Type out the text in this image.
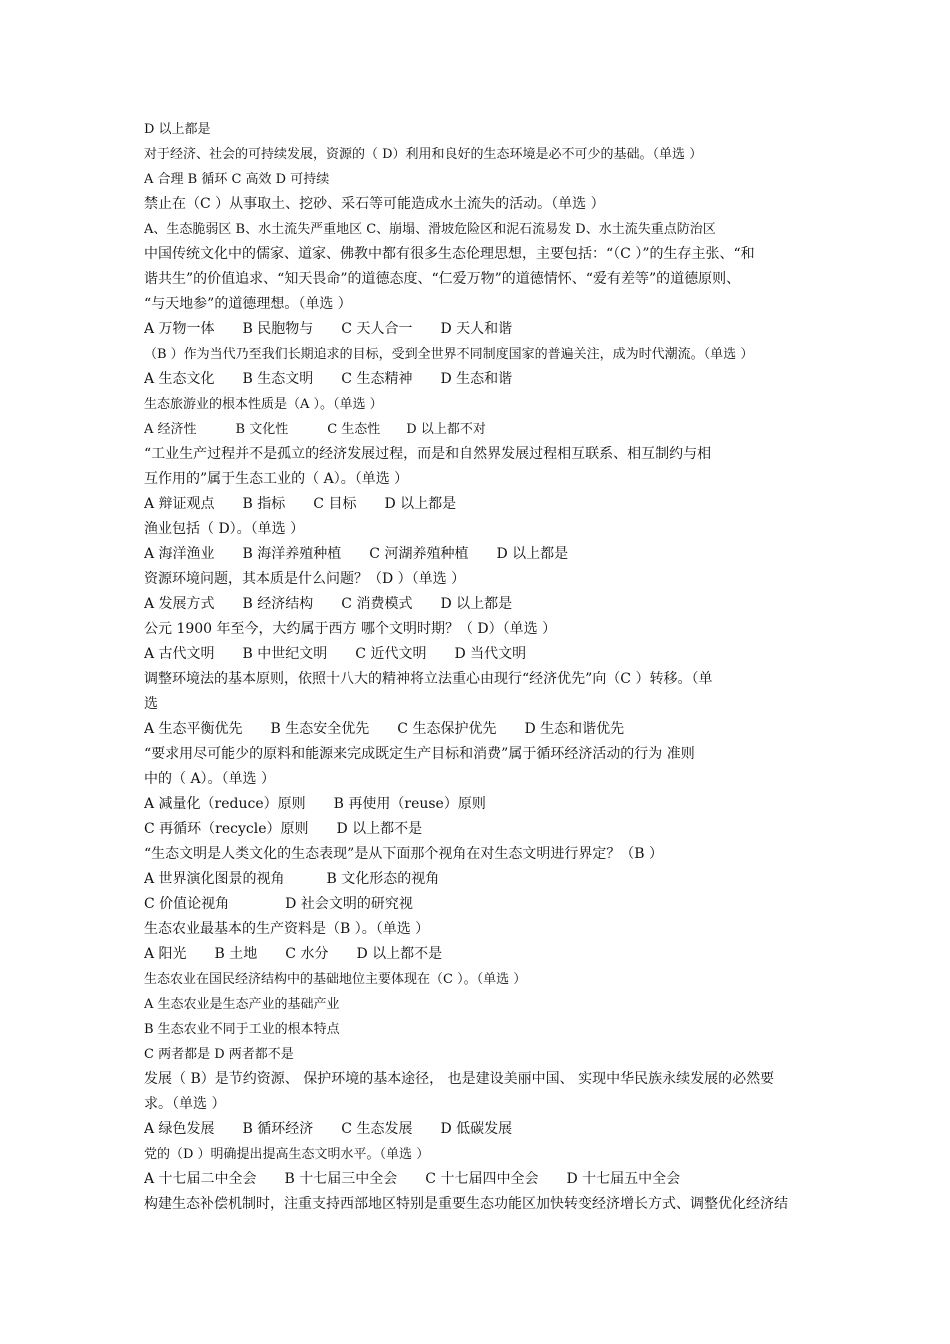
D 以上都是
对于经济、社会的可持续发展，资源的（ D）利用和良好的生态环境是必不可少的基础。（单选 ）
A 合理 B 循环 C 高效 D 可持续
禁止在（C ）从事取土、挖砂、采石等可能造成水土流失的活动。（单选 ）
A、生态脆弱区 B、水土流失严重地区 C、崩塌、滑坡危险区和泥石流易发 D、水土流失重点防治区
中国传统文化中的儒家、道家、佛教中都有很多生态伦理思想，主要包括：“（C ）”的生存主张、“和
谐共生”的价值追求、“知天畏命”的道德态度、“仁爱万物”的道德情怀、“爱有差等”的道德原则、
“与天地参”的道德理想。（单选 ）
A 万物一体　　B 民胞物与　　C 天人合一　　D 天人和谐
（B ）作为当代乃至我们长期追求的目标，受到全世界不同制度国家的普遍关注，成为时代潮流。（单选 ）
A 生态文化　　B 生态文明　　C 生态精神　　D 生态和谐
生态旅游业的根本性质是（A ）。（单选 ）
A 经济性　　　B 文化性　　　C 生态性　　D 以上都不对
“工业生产过程并不是孤立的经济发展过程，而是和自然界发展过程相互联系、相互制约与相
互作用的”属于生态工业的（ A）。（单选 ）
A 辩证观点　　B 指标　　C 目标　　D 以上都是
渔业包括（ D）。（单选 ）
A 海洋渔业　　B 海洋养殖种植　　C 河湖养殖种植　　D 以上都是
资源环境问题，其本质是什么问题？（D ）（单选 ）
A 发展方式　　B 经济结构　　C 消费模式　　D 以上都是
公元 1900 年至今，大约属于西方 哪个文明时期？（ D）（单选 ）
A 古代文明　　B 中世纪文明　　C 近代文明　　D 当代文明
调整环境法的基本原则，依照十八大的精神将立法重心由现行“经济优先”向（C ）转移。（单
选
A 生态平衡优先　　B 生态安全优先　　C 生态保护优先　　D 生态和谐优先
“要求用尽可能少的原料和能源来完成既定生产目标和消费”属于循环经济活动的行为 准则
中的（ A）。（单选 ）
A 减量化（reduce）原则　　B 再使用（reuse）原则
C 再循环（recycle）原则　　D 以上都不是
“生态文明是人类文化的生态表现”是从下面那个视角在对生态文明进行界定？（B ）
A 世界演化图景的视角　　　B 文化形态的视角
C 价值论视角　　　　D 社会文明的研究视
生态农业最基本的生产资料是（B ）。（单选 ）
A 阳光　　B 土地　　C 水分　　D 以上都不是
生态农业在国民经济结构中的基础地位主要体现在（C ）。（单选 ）
A 生态农业是生态产业的基础产业
B 生态农业不同于工业的根本特点
C 两者都是 D 两者都不是
发展（ B）是节约资源、 保护环境的基本途径， 也是建设美丽中国、 实现中华民族永续发展的必然要
求。（单选 ）
A 绿色发展　　B 循环经济　　C 生态发展　　D 低碳发展
党的（D ）明确提出提高生态文明水平。（单选 ）
A 十七届二中全会　　B 十七届三中全会　　C 十七届四中全会　　D 十七届五中全会
构建生态补偿机制时，注重支持西部地区特别是重要生态功能区加快转变经济增长方式、调整优化经济结
